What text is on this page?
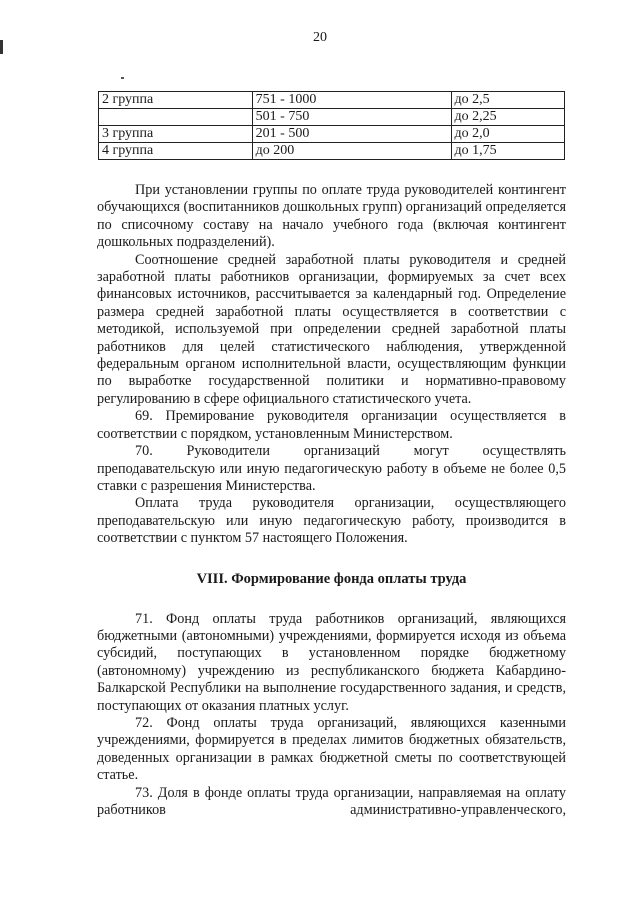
20
2 группа	751 - 1000	до 2,5
	501 - 750	до 2,25
3 группа	201 - 500	до 2,0
4 группа	до 200	до 1,75

При установлении группы по оплате труда руководителей контингент обучающихся (воспитанников дошкольных групп) организаций определяется по списочному составу на начало учебного года (включая контингент дошкольных подразделений).

Соотношение средней заработной платы руководителя и средней заработной платы работников организации, формируемых за счет всех финансовых источников, рассчитывается за календарный год. Определение размера средней заработной платы осуществляется в соответствии с методикой, используемой при определении средней заработной платы работников для целей статистического наблюдения, утвержденной федеральным органом исполнительной власти, осуществляющим функции по выработке государственной политики и нормативно-правовому регулированию в сфере официального статистического учета.

69. Премирование руководителя организации осуществляется в соответствии с порядком, установленным Министерством.

70. Руководители организаций могут осуществлять преподавательскую или иную педагогическую работу в объеме не более 0,5 ставки с разрешения Министерства.

Оплата труда руководителя организации, осуществляющего преподавательскую или иную педагогическую работу, производится в соответствии с пунктом 57 настоящего Положения.

VIII. Формирование фонда оплаты труда

71. Фонд оплаты труда работников организаций, являющихся бюджетными (автономными) учреждениями, формируется исходя из объема субсидий, поступающих в установленном порядке бюджетному (автономному) учреждению из республиканского бюджета Кабардино-Балкарской Республики на выполнение государственного задания, и средств, поступающих от оказания платных услуг.

72. Фонд оплаты труда организаций, являющихся казенными учреждениями, формируется в пределах лимитов бюджетных обязательств, доведенных организации в рамках бюджетной сметы по соответствующей статье.

73. Доля в фонде оплаты труда организации, направляемая на оплату работников административно-управленческого,
